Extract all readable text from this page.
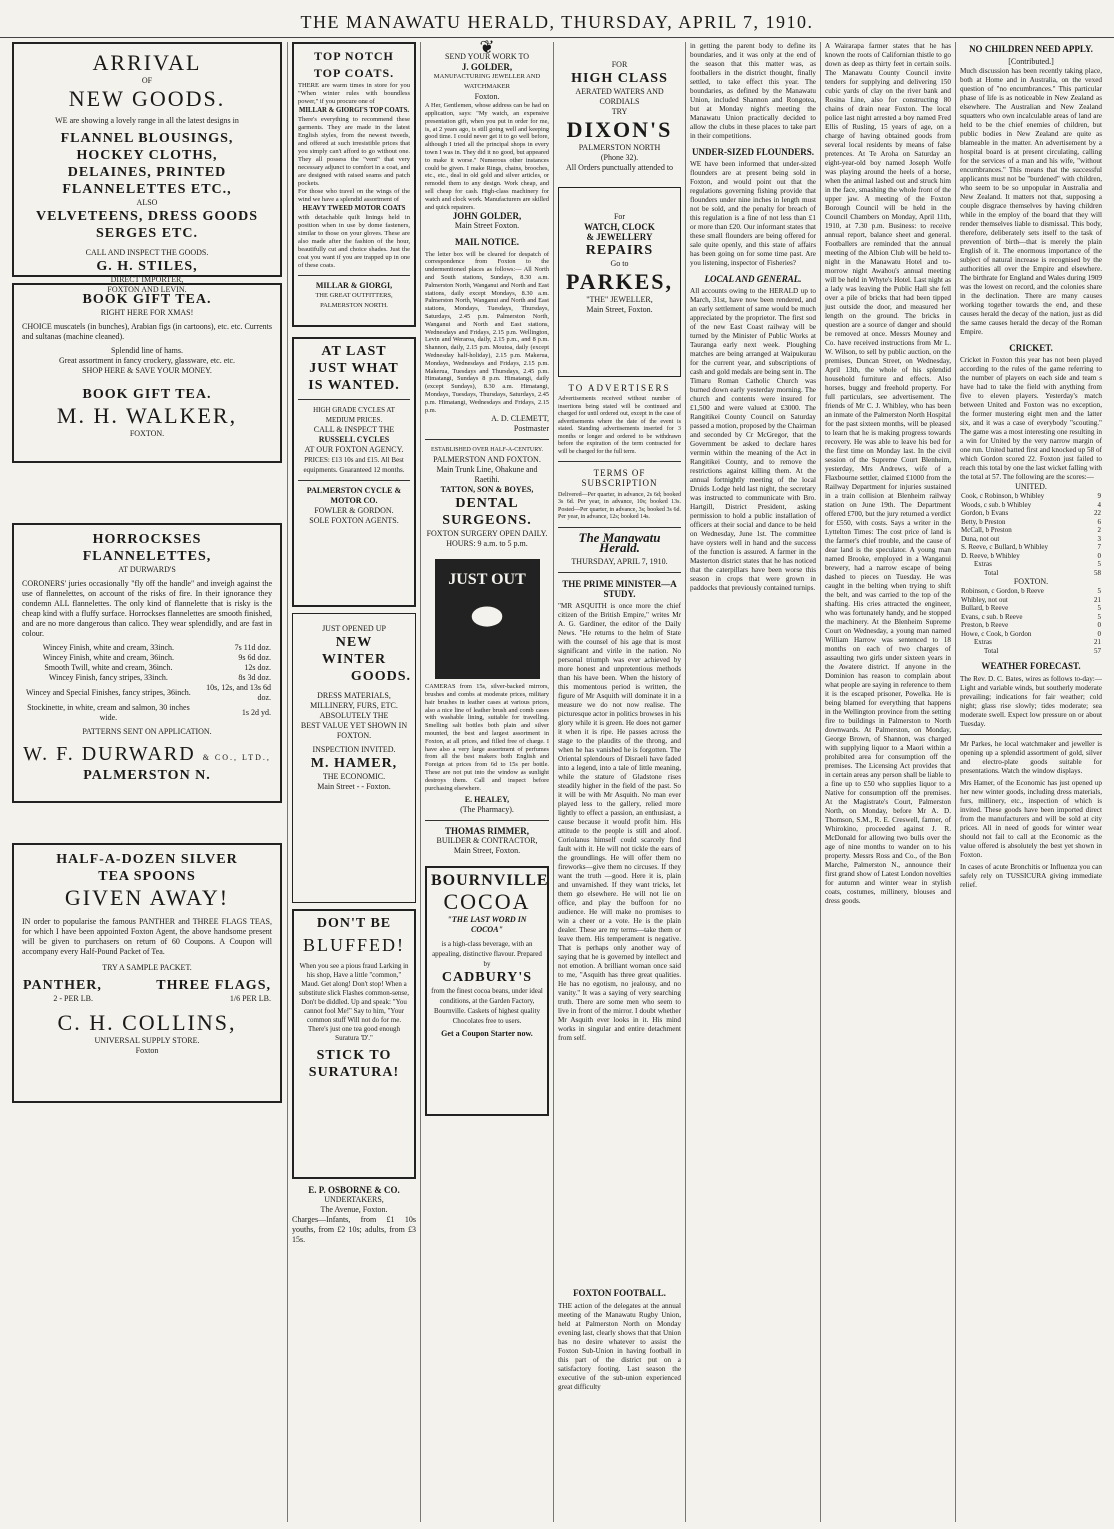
THE MANAWATU HERALD, THURSDAY, APRIL 7, 1910.
ARRIVAL
OF
NEW GOODS.
WE are showing a lovely range in all the latest designs in
FLANNEL BLOUSINGS,
HOCKEY CLOTHS,
DELAINES, PRINTED
FLANNELETTES ETC.,
ALSO
VELVETEENS, DRESS GOODS
SERGES ETC.
CALL AND INSPECT THE GOODS.
G. H. STILES,
DIRECT IMPORTER,
FOXTON AND LEVIN.
BOOK GIFT TEA.
RIGHT HERE FOR XMAS!
CHOICE muscatels (in bunches), Arabian figs (in cartoons), etc. etc. Currents and sultanas (machine cleaned).
Splendid line of hams.
Great assortment in fancy crockery, glassware, etc. etc.
SHOP HERE & SAVE YOUR MONEY.
BOOK GIFT TEA.
M. H. WALKER,
FOXTON.
HORROCKSES
FLANNELETTES,
AT DURWARD'S
CORONERS' juries occasionally "fly off the handle" and inveigh against the use of flannelettes, on account of the risks of fire. In their ignorance they condemn ALL flannelettes. The only kind of flannelette that is risky is the cheap kind with a fluffy surface. Horrockses flannelettes are smooth finished, and are no more dangerous than calico. They wear splendidly, and are fast in colour.
Wincey Finish, white and cream, 33inch.	7s 11d doz.
Wincey Finish, white and cream, 36inch.	9s 6d doz.
Smooth Twill, white and cream, 36inch.	12s doz.
Wincey Finish, fancy stripes, 33inch.	8s 3d doz.
Wincey and Special Finishes, fancy stripes, 36inch.	10s, 12s, and 13s 6d doz.
Stockinette, in white, cream and salmon, 30 inches wide.	1s 2d yd.
PATTERNS SENT ON APPLICATION.
W. F. DURWARD & CO., LTD.,
PALMERSTON N.
HALF-A-DOZEN SILVER
TEA SPOONS
GIVEN AWAY!
IN order to popularise the famous PANTHER and THREE FLAGS TEAS, for which I have been appointed Foxton Agent, the above handsome present will be given to purchasers on return of 60 Coupons. A Coupon will accompany every Half-Pound Packet of Tea.
TRY A SAMPLE PACKET.
PANTHER,	THREE FLAGS,
2 - PER LB.	1/6 PER LB.
C. H. COLLINS,
UNIVERSAL SUPPLY STORE.
Foxton
TOP NOTCH
TOP COATS.
THERE are warm times in store for you "When winter rules with boundless power," if you procure one of
MILLAR & GIORGI'S TOP COATS.
There's everything to recommend these garments. They are made in the latest English styles, from the newest tweeds, and offered at such irresistible prices that you simply can't afford to go without one. They all possess the "vent" that very necessary adjunct to comfort in a coat, and are designed with raised seams and patch pockets.
For those who travel on the wings of the wind we have a splendid assortment of
HEAVY TWEED MOTOR COATS
with detachable quilt linings held in position when in use by dome fasteners, similar to those on your gloves. These are also made after the fashion of the hour, beautifully cut and choice shades. Just the coat you want if you are trapped up in one of these coats.
MILLAR & GIORGI,
THE GREAT OUTFITTERS,
PALMERSTON NORTH.
AT LAST
JUST WHAT
IS WANTED.
HIGH GRADE CYCLES AT MEDIUM PRICES.
CALL & INSPECT THE
RUSSELL CYCLES
AT OUR FOXTON AGENCY.
PRICES: £13 10s and £15. All Best equipments. Guaranteed 12 months.
PALMERSTON CYCLE & MOTOR CO.
FOWLER & GORDON.
SOLE FOXTON AGENTS.
JUST OPENED UP
NEW
WINTER
GOODS.
DRESS MATERIALS, MILLINERY, FURS, ETC.
ABSOLUTELY THE
BEST VALUE YET SHOWN IN
FOXTON.
INSPECTION INVITED.
M. HAMER,
THE ECONOMIC.
Main Street - - Foxton.
DON'T BE
BLUFFED!
When you see a pious fraud Larking in his shop, Have a little "common," Maud. Get along! Don't stop! When a substitute slick Flashes common-sense, Don't be diddled. Up and speak: "You cannot fool Me!" Say to him, "Your common stuff Will not do for me. There's just one tea good enough Suratura 'D'."
STICK TO
SURATURA!
E. P. OSBORNE & CO.
UNDERTAKERS,
The Avenue, Foxton.
Charges—Infants, from £1 10s youths, from £2 10s; adults, from £3 15s.
❦
SEND YOUR WORK TO
J. GOLDER,
MANUFACTURING JEWELLER AND WATCHMAKER
Foxton.
A Her, Gentlemen, whose address can be had on application, says: "My watch, an expensive presentation gift, when you put in order for me, is, at 2 years ago, is still going well and keeping good time. I could never get it to go well before, although I tried all the principal shops in every town I was in. They did it no good, but appeared to make it worse." Numerous other instances could be given. I make Rings, chains, brooches, etc., etc., deal in old gold and silver articles, or remodel them to any design. Work cheap, and sell cheap for cash. High-class machinery for watch and clock work. Manufacturers are skilled and quick repairers.
JOHN GOLDER,
Main Street Foxton.
MAIL NOTICE.
The letter box will be cleared for despatch of correspondence from Foxton to the undermentioned places as follows:— All North and South stations, Sundays, 8.30 a.m. Palmerston North, Wanganui and North and East stations, daily except Mondays, 8.30 a.m. Palmerston North, Wanganui and North and East stations, Mondays, Tuesdays, Thursdays, Saturdays, 2.45 p.m. Palmerston North, Wanganui and North and East stations, Wednesdays and Fridays, 2.15 p.m. Wellington, Levin and Weraroa, daily, 2.15 p.m., and 8 p.m. Shannon, daily, 2.15 p.m. Moutoa, daily (except Wednesday half-holiday), 2.15 p.m. Makerua, Mondays, Wednesdays and Fridays, 2.15 p.m. Makerua, Tuesdays and Thursdays, 2.45 p.m. Himatangi, Sundays 8 p.m. Himatangi, daily (except Sundays), 8.30 a.m. Himatangi, Mondays, Tuesdays, Thursdays, Saturdays, 2.45 p.m. Himatangi, Wednesdays and Fridays, 2.15 p.m.
A. D. CLEMETT,
Postmaster
ESTABLISHED OVER HALF-A-CENTURY.
PALMERSTON AND FOXTON.
Main Trunk Line, Ohakune and Raetihi.
TATTON, SON & BOYES,
DENTAL
SURGEONS.
FOXTON SURGERY OPEN DAILY.
HOURS: 9 a.m. to 5 p.m.
JUST OUT
⬬
CAMERAS from 15s, silver-backed mirrors, brushes and combs at moderate prices, military hair brushes in leather cases at various prices, also a nice line of leather brush and comb cases with washable lining, suitable for travelling. Smelling salt bottles both plain and silver mounted, the best and largest assortment in Foxton, at all prices, and filled free of charge. I have also a very large assortment of perfumes from all the best makers both English and Foreign at prices from 6d to 15s per bottle. These are not put into the window as sunlight destroys them. Call and inspect before purchasing elsewhere.
E. HEALEY,
(The Pharmacy).
THOMAS RIMMER,
BUILDER & CONTRACTOR,
Main Street, Foxton.
BOURNVILLE
COCOA
"THE LAST WORD IN COCOA"
is a high-class beverage, with an appealing, distinctive flavour. Prepared by
CADBURY'S
from the finest cocoa beans, under ideal conditions, at the Garden Factory, Bournville. Caskets of highest quality Chocolates free to users.
Get a Coupon Starter now.
FOR
HIGH CLASS
AERATED WATERS AND
CORDIALS
TRY
DIXON'S
PALMERSTON NORTH
(Phone 32).
All Orders punctually attended to
For
WATCH, CLOCK
& JEWELLERY
REPAIRS
Go to
PARKES,
"THE" JEWELLER,
Main Street, Foxton.
TO ADVERTISERS
Advertisements received without number of insertions being stated will be continued and charged for until ordered out, except in the case of advertisements where the date of the event is stated. Standing advertisements inserted for 3 months or longer and ordered to be withdrawn before the expiration of the term contracted for will be charged for the full term.
TERMS OF SUBSCRIPTION
Delivered—Per quarter, in advance, 2s 6d; booked 3s 6d. Per year, in advance, 10s; booked 13s. Posted—Per quarter, in advance, 3s; booked 3s 6d. Per year, in advance, 12s; booked 14s.
The Manawatu Herald.
THURSDAY, APRIL 7, 1910.
THE PRIME MINISTER—A STUDY.
"MR ASQUITH is once more the chief citizen of the British Empire," writes Mr A. G. Gardiner, the editor of the Daily News. "He returns to the helm of State with the counsel of his age that is most significant and virile in the nation. No personal triumph was ever achieved by more honest and unpretentious methods than his have been. When the history of this momentous period is written, the figure of Mr Asquith will dominate it in a measure we do not now realise. The picturesque actor in politics browses in his glory while it is green. He does not garner it when it is ripe. He passes across the stage to the plaudits of the throng, and when he has vanished he is forgotten. The Oriental splendours of Disraeli have faded into a legend, into a tale of little meaning, while the stature of Gladstone rises steadily higher in the field of the past. So it will be with Mr Asquith. No man ever played less to the gallery, relied more lightly to effect a passion, an enthusiast, a cause because it would profit him. His attitude to the people is still and aloof. Coriolanus himself could scarcely find fault with it. He will not tickle the ears of the groundlings. He will offer them no fireworks—give them no circuses. If they want the truth —good. Here it is, plain and unvarnished. If they want tricks, let them go elsewhere. He will not lie on office, and play the buffoon for no audience. He will make no promises to win a cheer or a vote. He is the plain dealer. These are my terms—take them or leave them. His temperament is negative. That is perhaps only another way of saying that he is governed by intellect and not emotion. A brilliant woman once said to me, "Asquith has three great qualities. He has no egotism, no jealousy, and no vanity." It was a saying of very searching truth. There are some men who seem to live in front of the mirror. I doubt whether Mr Asquith ever looks in it. His mind works in singular and entire detachment from self.
FOXTON FOOTBALL.
THE action of the delegates at the annual meeting of the Manawatu Rugby Union, held at Palmerston North on Monday evening last, clearly shows that that Union has no desire whatever to assist the Foxton Sub-Union in having football in this part of the district put on a satisfactory footing. Last season the executive of the sub-union experienced great difficulty
in getting the parent body to define its boundaries, and it was only at the end of the season that this matter was, as footballers in the district thought, finally settled, to take effect this year. The boundaries, as defined by the Manawatu Union, included Shannon and Rongotea, but at Monday night's meeting the Manawatu Union practically decided to allow the clubs in these places to take part in their competitions.
UNDER-SIZED FLOUNDERS.
WE have been informed that under-sized flounders are at present being sold in Foxton, and would point out that the regulations governing fishing provide that flounders under nine inches in length must not be sold, and the penalty for breach of this regulation is a fine of not less than £1 or more than £20. Our informant states that these small flounders are being offered for sale quite openly, and this state of affairs has been going on for some time past. Are you listening, inspector of Fisheries?
LOCAL AND GENERAL.
All accounts owing to the HERALD up to March, 31st, have now been rendered, and an early settlement of same would be much appreciated by the proprietor. The first sod of the new East Coast railway will be turned by the Minister of Public Works at Tauranga early next week. Ploughing matches are being arranged at Waipukurau for the current year, and subscriptions of cash and gold medals are being sent in. The Timaru Roman Catholic Church was burned down early yesterday morning. The church and contents were insured for £1,500 and were valued at £3000. The Rangitikei County Council on Saturday passed a motion, proposed by the Chairman and seconded by Cr McGregor, that the Government be asked to declare hares vermin within the meaning of the Act in Rangitikei County, and to remove the restrictions against killing them. At the annual fortnightly meeting of the local Druids Lodge held last night, the secretary was instructed to communicate with Bro. Hartgill, District President, asking permission to hold a public installation of officers at their social and dance to be held on Wednesday, June 1st. The committee have oysters well in hand and the success of the function is assured. A farmer in the Masterton district states that he has noticed that the caterpillars have been worse this season in crops that were grown in paddocks that previously contained turnips.
A Wairarapa farmer states that he has known the roots of Californian thistle to go down as deep as thirty feet in certain soils. The Manawatu County Council invite tenders for supplying and delivering 150 cubic yards of clay on the river bank and Rosina Line, also for constructing 80 chains of drain near Foxton. The local police last night arrested a boy named Fred Ellis of Rusling, 15 years of age, on a charge of having obtained goods from several local residents by means of false pretences. At Te Aroha on Saturday an eight-year-old boy named Joseph Wolfe was playing around the heels of a horse, when the animal lashed out and struck him in the face, smashing the whole front of the upper jaw. A meeting of the Foxton Borough Council will be held in the Council Chambers on Monday, April 11th, 1910, at 7.30 p.m. Business: to receive annual report, balance sheet and general. Footballers are reminded that the annual meeting of the Albion Club will be held to-night in the Manawatu Hotel and to-morrow night Awahou's annual meeting will be held in Whyte's Hotel. Last night as a lady was leaving the Public Hall she fell over a pile of bricks that had been tipped just outside the door, and measured her length on the ground. The bricks in question are a source of danger and should be removed at once. Messrs Mouney and Co. have received instructions from Mr L. W. Wilson, to sell by public auction, on the premises, Duncan Street, on Wednesday, April 13th, the whole of his splendid household furniture and effects. Also horses, buggy and freehold property. For full particulars, see advertisement. The friends of Mr C. J. Whibley, who has been an inmate of the Palmerston North Hospital for the past sixteen months, will be pleased to learn that he is making progress towards recovery. He was able to leave his bed for the first time on Monday last. In the civil session of the Supreme Court Blenheim, yesterday, Mrs Andrews, wife of a Flaxbourne settler, claimed £1000 from the Railway Department for injuries sustained in a train collision at Blenheim railway station on June 19th. The Department offered £700, but the jury returned a verdict for £550, with costs. Says a writer in the Lyttelton Times: The cost price of land is the farmer's chief trouble, and the cause of dear land is the speculator. A young man named Brooke, employed in a Wanganui brewery, had a narrow escape of being dashed to pieces on Tuesday. He was caught in the belting when trying to shift the belt, and was carried to the top of the shafting. His cries attracted the engineer, who was fortunately handy, and he stopped the machinery. At the Blenheim Supreme Court on Wednesday, a young man named William Harrow was sentenced to 18 months on each of two charges of assaulting two girls under sixteen years in the Awatere district. If anyone in the Dominion has reason to complain about what people are saying in reference to them it is the escaped prisoner, Powelka. He is being blamed for everything that happens in the Wellington province from the setting fire to buildings in Palmerston to North downwards. At Palmerston, on Monday, George Brown, of Shannon, was charged with supplying liquor to a Maori within a prohibited area for consumption off the premises. The Licensing Act provides that in certain areas any person shall be liable to a fine up to £50 who supplies liquor to a Native for consumption off the premises. At the Magistrate's Court, Palmerston North, on Monday, before Mr A. D. Thomson, S.M., R. E. Creswell, farmer, of Whirokino, proceeded against J. R. McDonald for allowing two bulls over the age of nine months to wander on to his property. Messrs Ross and Co., of the Bon Marche, Palmerston N., announce their first grand show of Latest London novelties for autumn and winter wear in stylish coats, costumes, millinery, blouses and dress goods.
NO CHILDREN NEED APPLY.
[Contributed.]
Much discussion has been recently taking place, both at Home and in Australia, on the vexed question of "no encumbrances." This particular phase of life is as noticeable in New Zealand as elsewhere. The Australian and New Zealand squatters who own incalculable areas of land are held to be the chief enemies of children, but public bodies in New Zealand are quite as blameable in the matter. An advertisement by a hospital board is at present circulating, calling for the services of a man and his wife, "without encumbrances." This means that the successful applicants must not be "burdened" with children, who seem to be so unpopular in Australia and New Zealand. It matters not that, supposing a couple disgrace themselves by having children while in the employ of the board that they will render themselves liable to dismissal. This body, therefore, deliberately sets itself to the task of prevention of birth—that is merely the plain English of it. The enormous importance of the subject of natural increase is recognised by the authorities all over the Empire and elsewhere. The birthrate for England and Wales during 1909 was the lowest on record, and the colonies share in the declination. There are many causes working together towards the end, and these causes herald the decay of the nation, just as did the same causes herald the decay of the Roman Empire.
CRICKET.
Cricket in Foxton this year has not been played according to the rules of the game referring to the number of players on each side and team s have had to take the field with anything from five to eleven players. Yesterday's match between United and Foxton was no exception, the former mustering eight men and the latter six, and it was a case of everybody "scouting." The game was a most interesting one resulting in a win for United by the very narrow margin of one run. United batted first and knocked up 58 of which Gordon scored 22. Foxton just failed to reach this total by one the last wicket falling with the total at 57. The following are the scores:—
UNITED.
Cook, c Robinson, b Whibley	9
Woods, c sub. b Whibley	4
Gordon, b Evans	22
Betty, b Preston	6
McCall, b Preston	2
Duna, not out	3
S. Reeve, c Bullard, b Whibley	7
D. Reeve, b Whibley	0
Extras	5
Total	58
FOXTON.
Robinson, c Gordon, b Reeve	5
Whibley, not out	21
Bullard, b Reeve	5
Evans, c sub. b Reeve	5
Preston, b Reeve	0
Howe, c Cook, b Gordon	0
Extras	21
Total	57
WEATHER FORECAST.
The Rev. D. C. Bates, wires as follows to-day:— Light and variable winds, but southerly moderate prevailing; indications for fair weather; cold night; glass rise slowly; tides moderate; sea moderate swell. Expect low pressure on or about Tuesday.
Mr Parkes, he local watchmaker and jeweller is opening up a splendid assortment of gold, silver and electro-plate goods suitable for presentations. Watch the window displays.
Mrs Hamer, of the Economic has just opened up her new winter goods, including dress materials, furs, millinery, etc., inspection of which is invited. These goods have been imported direct from the manufacturers and will be sold at city prices. All in need of goods for winter wear should not fail to call at the Economic as the value offered is absolutely the best yet shown in Foxton.
In cases of acute Bronchitis or Influenza you can safely rely on TUSSICURA giving immediate relief.
